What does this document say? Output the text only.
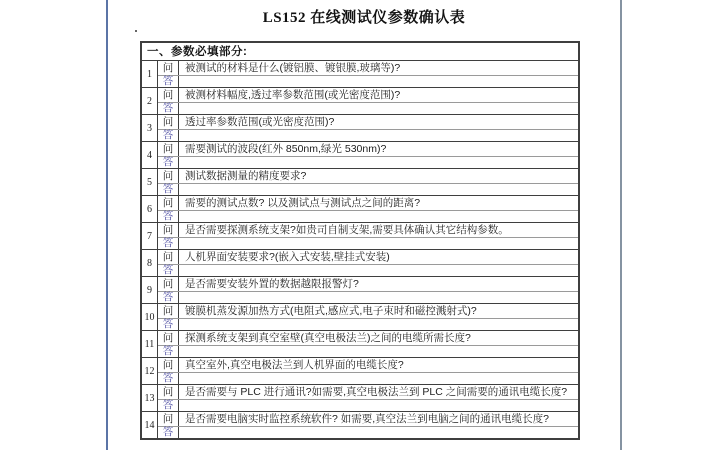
LS152 在线测试仪参数确认表
一、参数必填部分:
1	问	被测试的材料是什么(镀铝膜、镀银膜,玻璃等)?
答
2	问	被测材料幅度,透过率参数范围(或光密度范围)?
答
3	问	透过率参数范围(或光密度范围)?
答
4	问	需要测试的波段(红外 850nm,绿光 530nm)?
答
5	问	测试数据测量的精度要求?
答
6	问	需要的测试点数? 以及测试点与测试点之间的距离?
答
7	问	是否需要探测系统支架?如贵司自制支架,需要具体确认其它结构参数。
答
8	问	人机界面安装要求?(嵌入式安装,壁挂式安装)
答
9	问	是否需要安装外置的数据越限报警灯?
答
10 问	镀膜机蒸发源加热方式(电阻式,感应式,电子束时和磁控溅射式)?
答
11 问	探测系统支架到真空室壁(真空电极法兰)之间的电缆所需长度?
答
12 问	真空室外,真空电极法兰到人机界面的电缆长度?
答
13 问	是否需要与 PLC 进行通讯?如需要,真空电极法兰到 PLC 之间需要的通讯电缆长度?
答
14 问	是否需要电脑实时监控系统软件? 如需要,真空法兰到电脑之间的通讯电缆长度?
答
